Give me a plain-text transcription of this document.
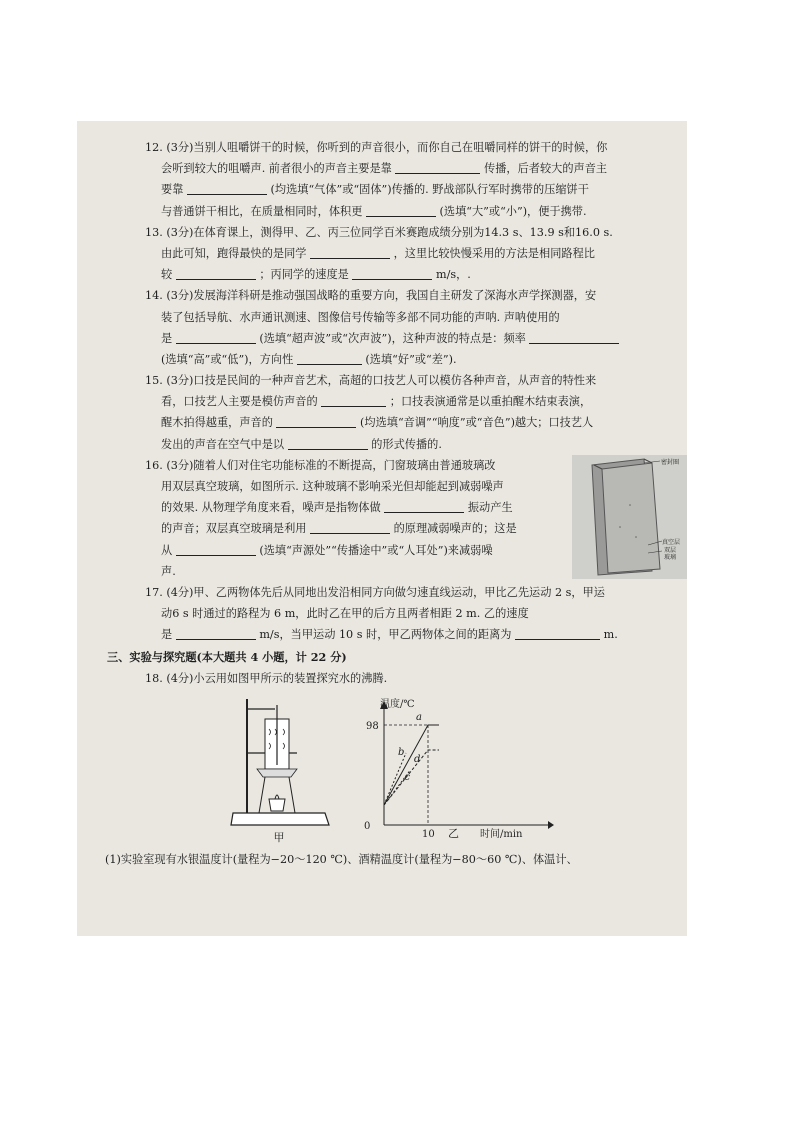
12. (3分)当别人咀嚼饼干的时候，你听到的声音很小，而你自己在咀嚼同样的饼干的时候，你
会听到较大的咀嚼声. 前者很小的声音主要是靠	传播，后者较大的声音主
要靠	(均选填“气体”或“固体”)传播的. 野战部队行军时携带的压缩饼干
与普通饼干相比，在质量相同时，体积更	(选填“大”或“小”)，便于携带.
13. (3分)在体育课上，测得甲、乙、丙三位同学百米赛跑成绩分别为14.3 s、13.9 s和16.0 s.
由此可知，跑得最快的是同学	，这里比较快慢采用的方法是相同路程比
较	；丙同学的速度是	m/s，.
14. (3分)发展海洋科研是推动强国战略的重要方向，我国自主研发了深海水声学探测器，安
装了包括导航、水声通讯测速、图像信号传输等多部不同功能的声呐. 声呐使用的
是	(选填“超声波”或“次声波”)，这种声波的特点是：频率
(选填“高”或“低”)，方向性	(选填“好”或“差”).
15. (3分)口技是民间的一种声音艺术，高超的口技艺人可以模仿各种声音，从声音的特性来
看，口技艺人主要是模仿声音的	；口技表演通常是以重拍醒木结束表演，
醒木拍得越重，声音的	(均选填“音调”“响度”或“音色”)越大；口技艺人
发出的声音在空气中是以	的形式传播的.
16. (3分)随着人们对住宅功能标准的不断提高，门窗玻璃由普通玻璃改
用双层真空玻璃，如图所示. 这种玻璃不影响采光但却能起到减弱噪声
的效果. 从物理学角度来看，噪声是指物体做	振动产生
的声音；双层真空玻璃是利用	的原理减弱噪声的；这是
从	(选填“声源处”“传播途中”或“人耳处”)来减弱噪
声.
密封圈
真空层
双层
玻璃
17. (4分)甲、乙两物体先后从同地出发沿相同方向做匀速直线运动，甲比乙先运动 2 s，甲运
动6 s 时通过的路程为 6 m，此时乙在甲的后方且两者相距 2 m. 乙的速度
是	m/s，当甲运动 10 s 时，甲乙两物体之间的距离为	m.
三、实验与探究题(本大题共 4 小题，计 22 分)
18. (4分)小云用如图甲所示的装置探究水的沸腾.
甲
a
b
c
d
温度/℃
时间/min
98
0
10 乙
(1)实验室现有水银温度计(量程为−20～120 ℃)、酒精温度计(量程为−80～60 ℃)、体温计、
